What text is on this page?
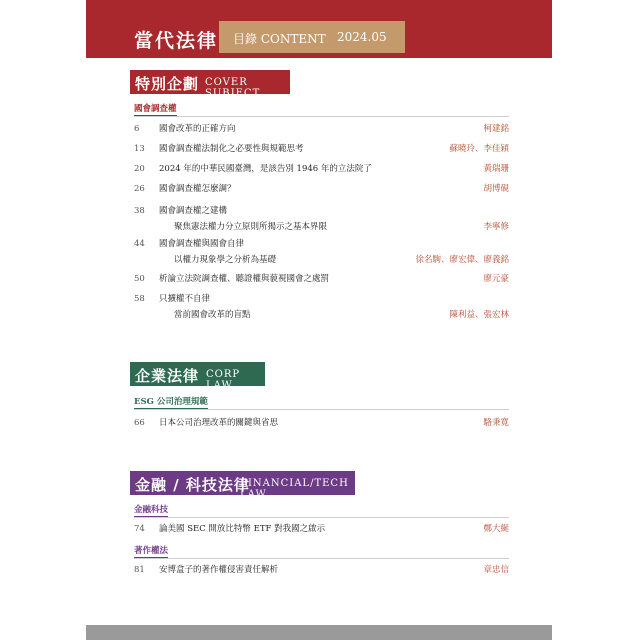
當代法律 目錄 CONTENT 2024.05
特別企劃 COVER SUBJECT
國會調查權
6	國會改革的正確方向	柯建銘
13	國會調查權法制化之必要性與規範思考	蘇曉玲、李佳穎
20	2024 年的中華民國臺灣，是該告別 1946 年的立法院了	黃瑞珊
26	國會調查權怎麼調？	胡博硯
38	國會調查權之建構
聚焦憲法權力分立原則所揭示之基本界限	李寧修
44	國會調查權與國會自律
以權力現象學之分析為基礎	徐名駒、廖宏偉、廖義銘
50	析論立法院調查權、聽證權與藐視國會之處罰	廖元豪
58	只擴權不自律
當前國會改革的盲點	陳利益、張宏林
企業法律 CORP LAW
ESG 公司治理規範
66	日本公司治理改革的關鍵與省思	駱秉寬
金融 / 科技法律
FINANCIAL/TECH LAW
金融科技
74	論美國 SEC 開放比特幣 ETF 對我國之啟示	鄭大綖
著作權法
81	安博盒子的著作權侵害責任解析	章忠信
